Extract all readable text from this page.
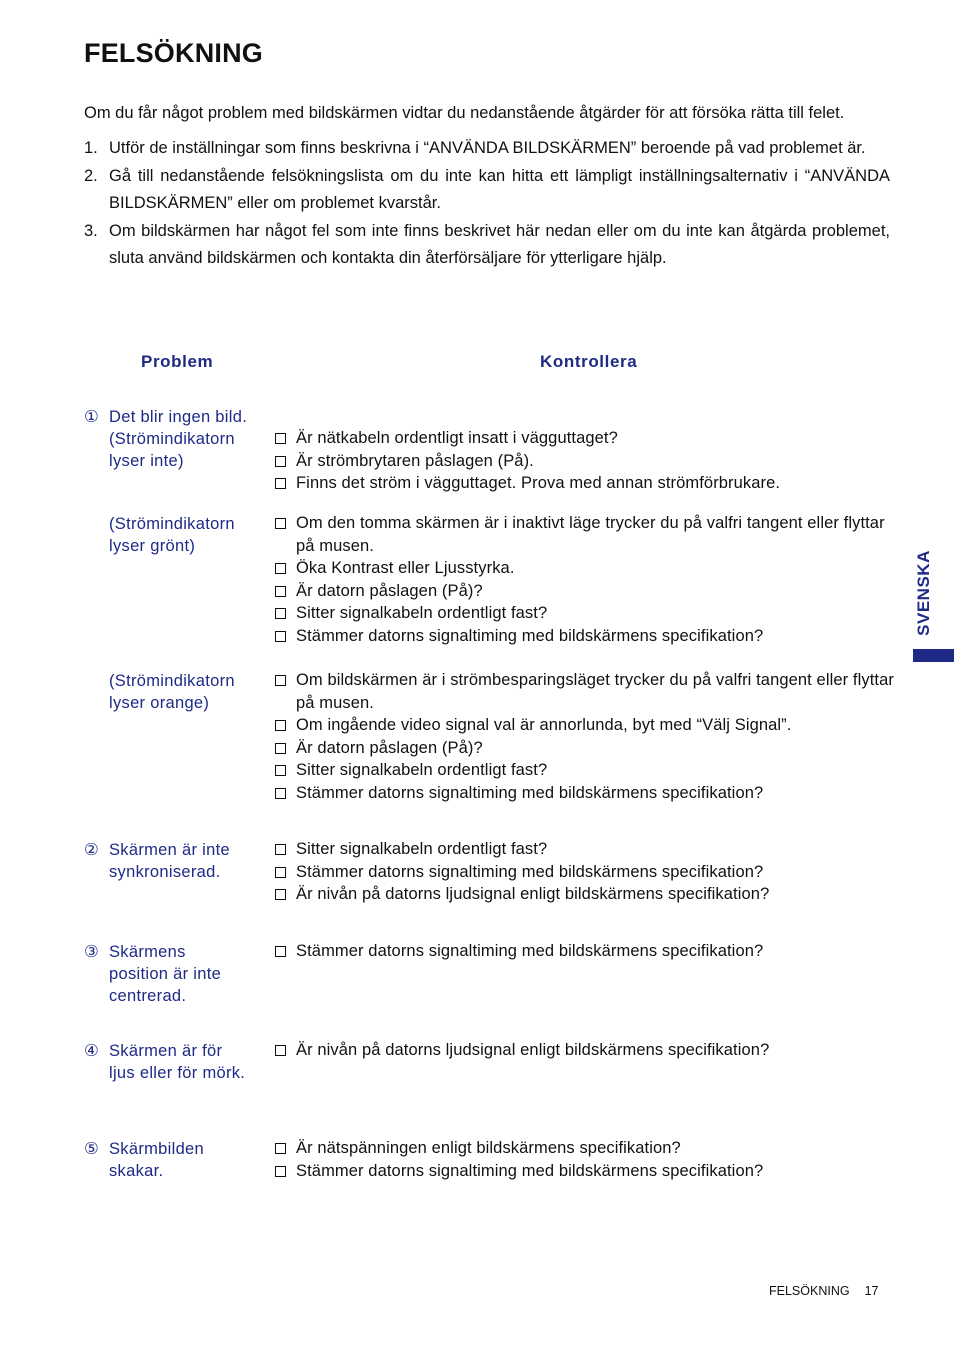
FELSÖKNING

Om du får något problem med bildskärmen vidtar du nedanstående åtgärder för att försöka rätta till felet.

1. Utför de inställningar som finns beskrivna i “ANVÄNDA BILDSKÄRMEN” beroende på vad problemet är.
2. Gå till nedanstående felsökningslista om du inte kan hitta ett lämpligt inställningsalternativ i “ANVÄNDA BILDSKÄRMEN” eller om problemet kvarstår.
3. Om bildskärmen har något fel som inte finns beskrivet här nedan eller om du inte kan åtgärda problemet, sluta använd bildskärmen och kontakta din återförsäljare för ytterligare hjälp.
Problem	Kontrollera
① Det blir ingen bild.
(Strömindikatorn
lyser inte)
Är nätkabeln ordentligt insatt i vägguttaget?
Är strömbrytaren påslagen (På).
Finns det ström i vägguttaget. Prova med annan strömförbrukare.
(Strömindikatorn
lyser grönt)
Om den tomma skärmen är i inaktivt läge trycker du på valfri tangent eller flyttar på musen.
Öka Kontrast eller Ljusstyrka.
Är datorn påslagen (På)?
Sitter signalkabeln ordentligt fast?
Stämmer datorns signaltiming med bildskärmens specifikation?
(Strömindikatorn
lyser orange)
Om bildskärmen är i strömbesparingsläget trycker du på valfri tangent eller flyttar på musen.
Om ingående video signal val är annorlunda, byt med “Välj Signal”.
Är datorn påslagen (På)?
Sitter signalkabeln ordentligt fast?
Stämmer datorns signaltiming med bildskärmens specifikation?
② Skärmen är inte
synkroniserad.
Sitter signalkabeln ordentligt fast?
Stämmer datorns signaltiming med bildskärmens specifikation?
Är nivån på datorns ljudsignal enligt bildskärmens specifikation?
③ Skärmens
position är inte
centrerad.
Stämmer datorns signaltiming med bildskärmens specifikation?
④ Skärmen är för
ljus eller för mörk.
Är nivån på datorns ljudsignal enligt bildskärmens specifikation?
⑤ Skärmbilden
skakar.
Är nätspänningen enligt bildskärmens specifikation?
Stämmer datorns signaltiming med bildskärmens specifikation?
SVENSKA
FELSÖKNING 17
